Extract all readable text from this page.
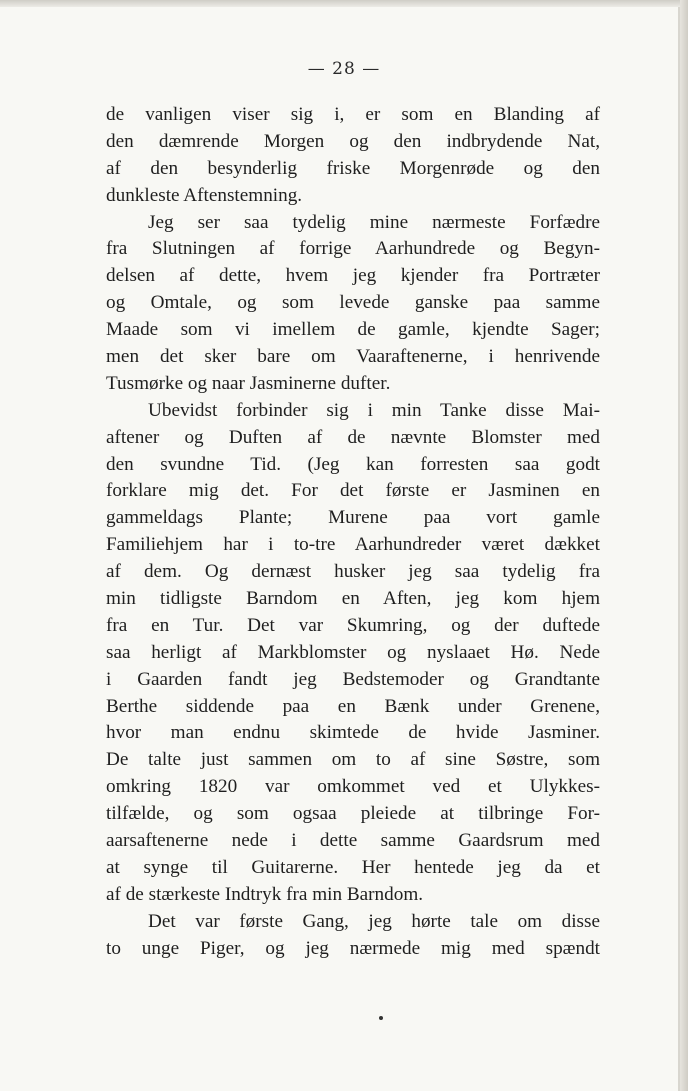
— 28 —
de vanligen viser sig i, er som en Blanding af
den dæmrende Morgen og den indbrydende Nat,
af den besynderlig friske Morgenrøde og den
dunkleste Aftenstemning.
Jeg ser saa tydelig mine nærmeste Forfædre
fra Slutningen af forrige Aarhundrede og Begyn-
delsen af dette, hvem jeg kjender fra Portræter
og Omtale, og som levede ganske paa samme
Maade som vi imellem de gamle, kjendte Sager;
men det sker bare om Vaaraftenerne, i henrivende
Tusmørke og naar Jasminerne dufter.
Ubevidst forbinder sig i min Tanke disse Mai-
aftener og Duften af de nævnte Blomster med
den svundne Tid. (Jeg kan forresten saa godt
forklare mig det. For det første er Jasminen en
gammeldags Plante; Murene paa vort gamle
Familiehjem har i to-tre Aarhundreder været dækket
af dem. Og dernæst husker jeg saa tydelig fra
min tidligste Barndom en Aften, jeg kom hjem
fra en Tur. Det var Skumring, og der duftede
saa herligt af Markblomster og nyslaaet Hø. Nede
i Gaarden fandt jeg Bedstemoder og Grandtante
Berthe siddende paa en Bænk under Grenene,
hvor man endnu skimtede de hvide Jasminer.
De talte just sammen om to af sine Søstre, som
omkring 1820 var omkommet ved et Ulykkes-
tilfælde, og som ogsaa pleiede at tilbringe For-
aarsaftenerne nede i dette samme Gaardsrum med
at synge til Guitarerne. Her hentede jeg da et
af de stærkeste Indtryk fra min Barndom.
Det var første Gang, jeg hørte tale om disse
to unge Piger, og jeg nærmede mig med spændt
